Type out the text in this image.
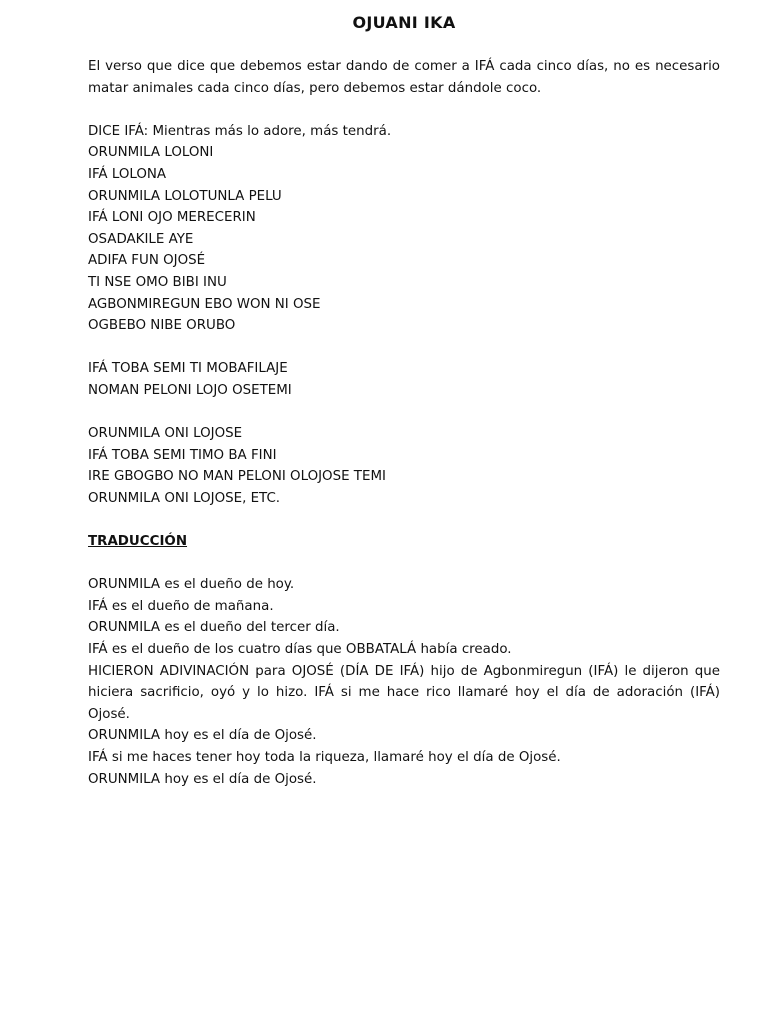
OJUANI IKA

El verso que dice que debemos estar dando de comer a IFÁ cada cinco días, no es necesario matar animales cada cinco días, pero debemos estar dándole coco.

DICE IFÁ: Mientras más lo adore, más tendrá.
ORUNMILA LOLONI
IFÁ LOLONA
ORUNMILA LOLOTUNLA PELU
IFÁ LONI OJO MERECERIN
OSADAKILE AYE
ADIFA FUN OJOSÉ
TI NSE OMO BIBI INU
AGBONMIREGUN EBO WON NI OSE
OGBEBO NIBE ORUBO
IFÁ TOBA SEMI TI MOBAFILAJE
NOMAN PELONI LOJO OSETEMI
ORUNMILA ONI LOJOSE
IFÁ TOBA SEMI TIMO BA FINI
IRE GBOGBO NO MAN PELONI OLOJOSE TEMI
ORUNMILA ONI LOJOSE, ETC.
TRADUCCIÓN
ORUNMILA es el dueño de hoy.
IFÁ es el dueño de mañana.
ORUNMILA es el dueño del tercer día.
IFÁ es el dueño de los cuatro días que OBBATALÁ había creado.

HICIERON ADIVINACIÓN para OJOSÉ (DÍA DE IFÁ) hijo de Agbonmiregun (IFÁ) le dijeron que hiciera sacrificio, oyó y lo hizo. IFÁ si me hace rico llamaré hoy el día de adoración (IFÁ) Ojosé.

ORUNMILA hoy es el día de Ojosé.
IFÁ si me haces tener hoy toda la riqueza, llamaré hoy el día de Ojosé.
ORUNMILA hoy es el día de Ojosé.
